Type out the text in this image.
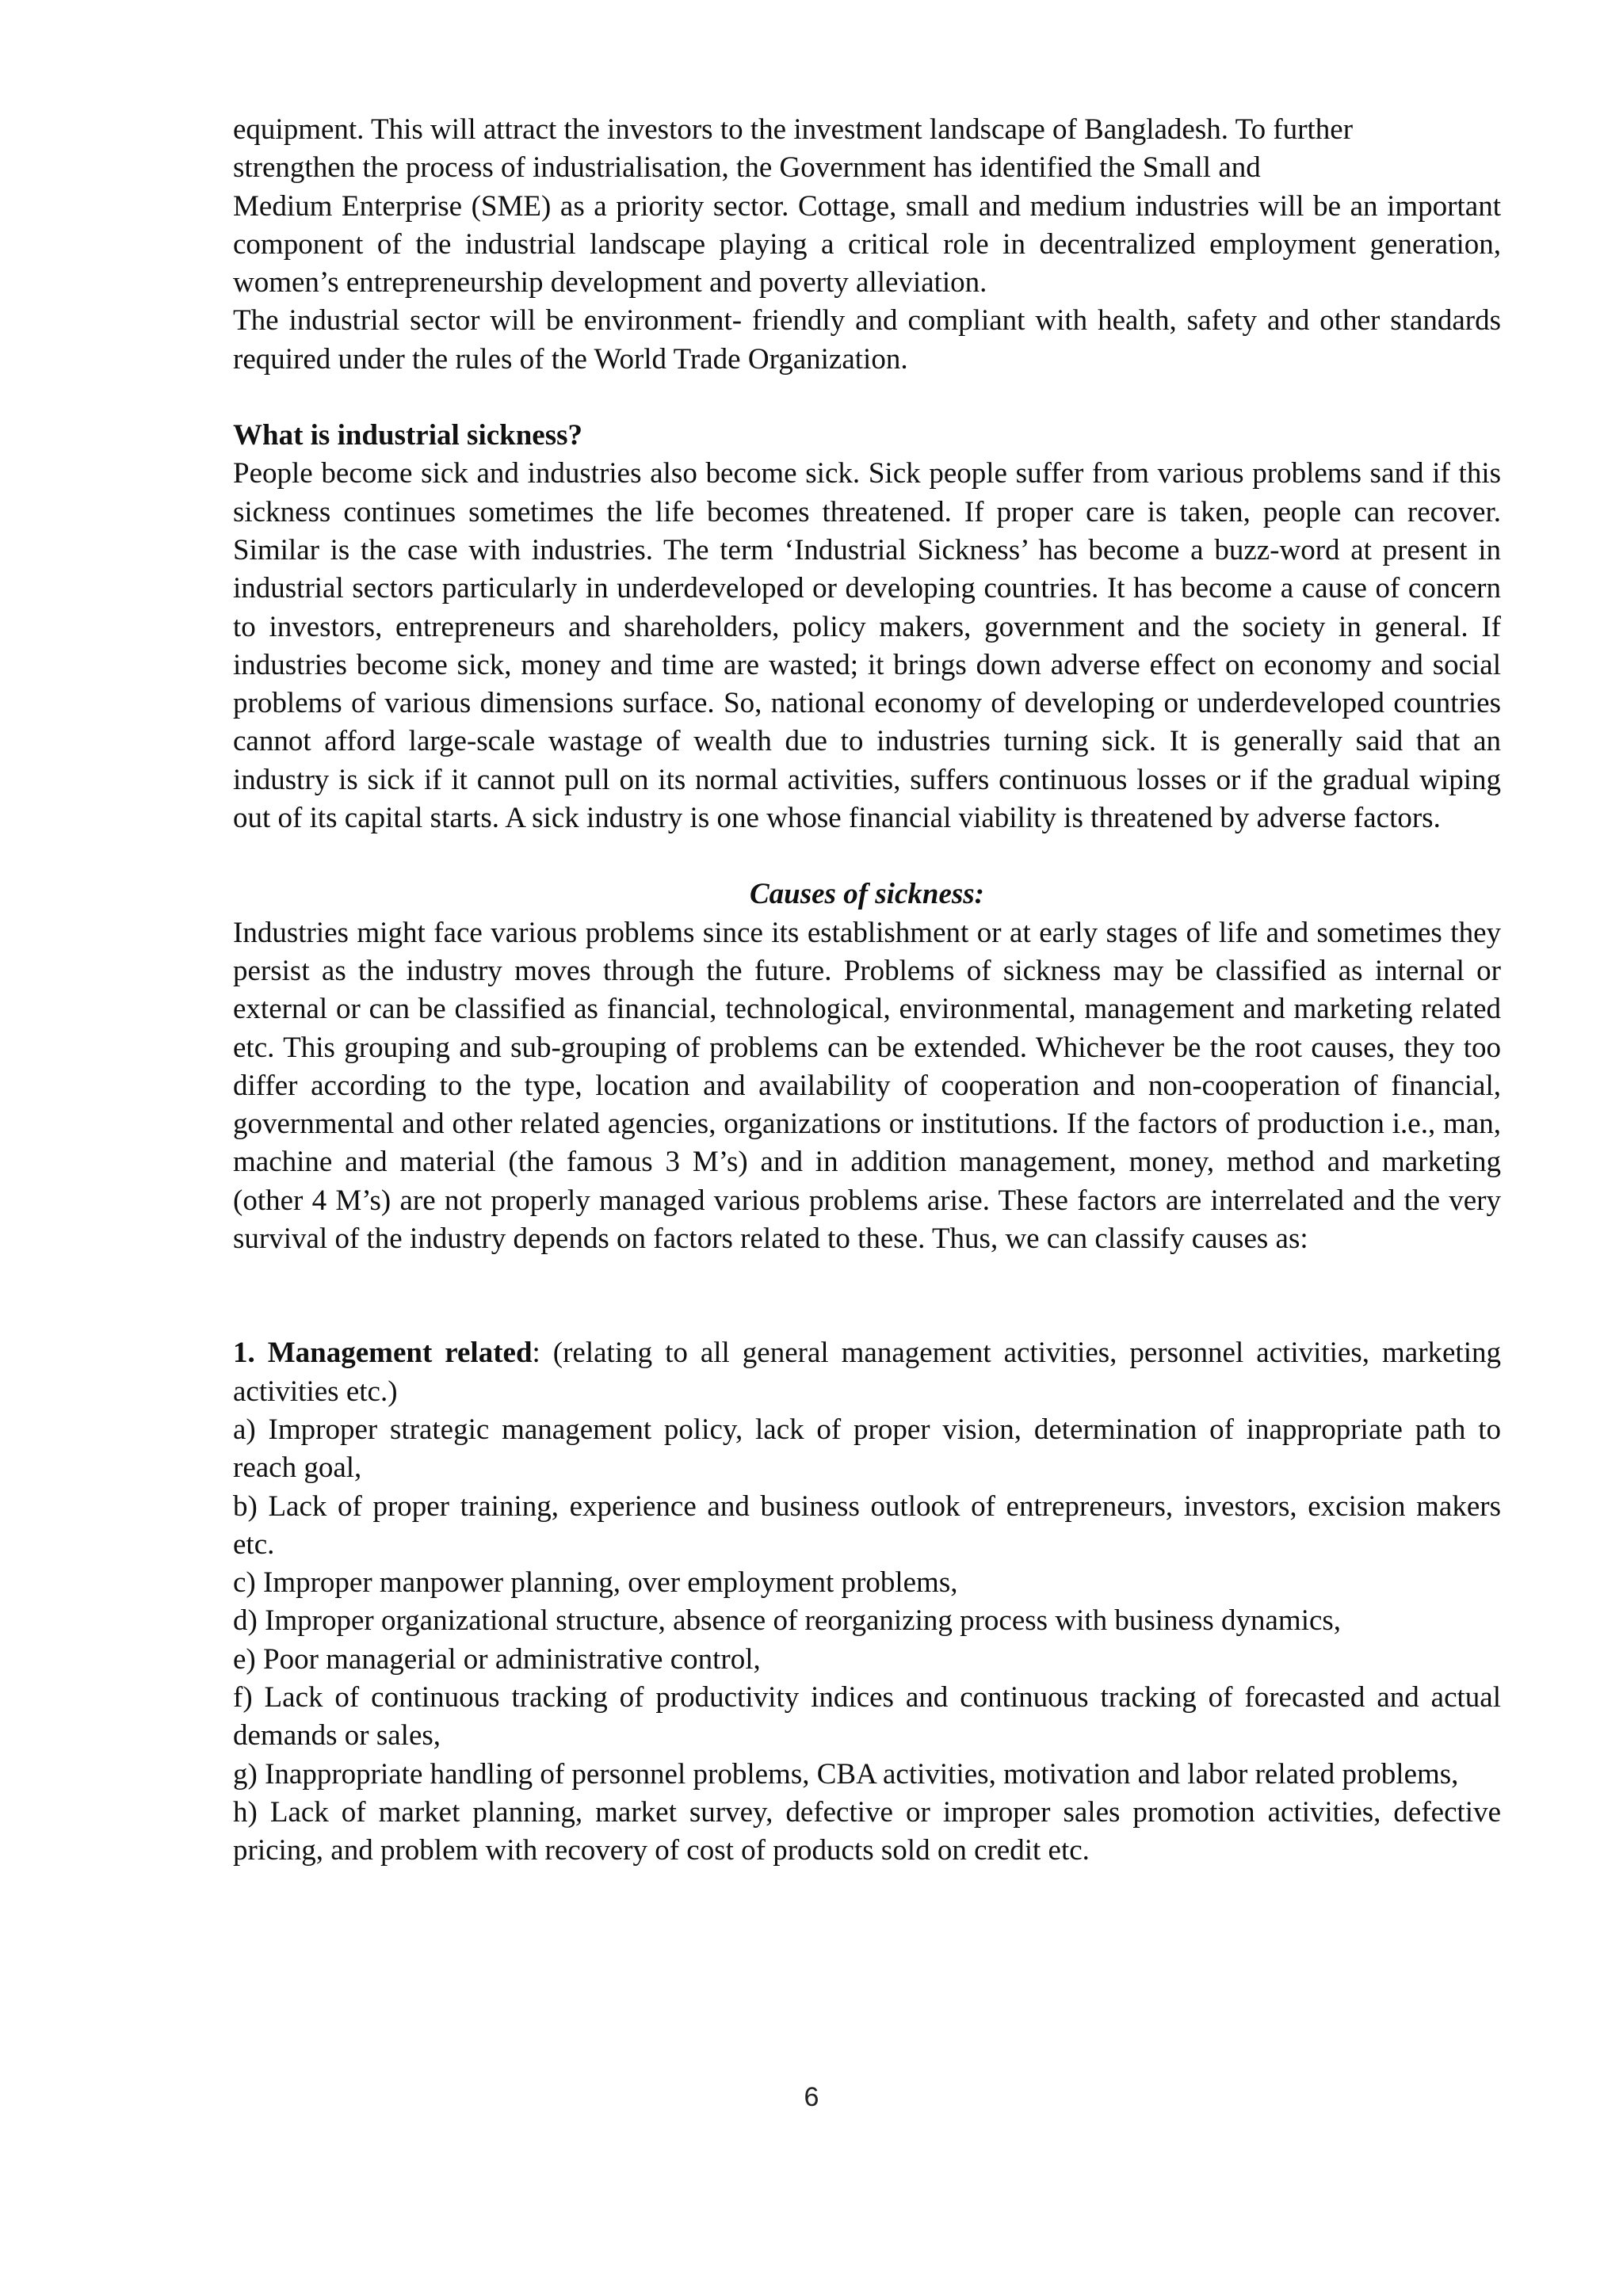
equipment. This will attract the investors to the investment landscape of Bangladesh. To further

strengthen the process of industrialisation, the Government has identified the Small and

Medium Enterprise (SME) as a priority sector. Cottage, small and medium industries will be an important component of the industrial landscape playing a critical role in decentralized employment generation, women’s entrepreneurship development and poverty alleviation.

The industrial sector will be environment- friendly and compliant with health, safety and other standards required under the rules of the World Trade Organization.

What is industrial sickness?

People become sick and industries also become sick. Sick people suffer from various problems sand if this sickness continues sometimes the life becomes threatened. If proper care is taken, people can recover. Similar is the case with industries. The term ‘Industrial Sickness’ has become a buzz-word at present in industrial sectors particularly in underdeveloped or developing countries. It has become a cause of concern to investors, entrepreneurs and shareholders, policy makers, government and the society in general. If industries become sick, money and time are wasted; it brings down adverse effect on economy and social problems of various dimensions surface. So, national economy of developing or underdeveloped countries cannot afford large-scale wastage of wealth due to industries turning sick. It is generally said that an industry is sick if it cannot pull on its normal activities, suffers continuous losses or if the gradual wiping out of its capital starts. A sick industry is one whose financial viability is threatened by adverse factors.

Causes of sickness:

Industries might face various problems since its establishment or at early stages of life and sometimes they persist as the industry moves through the future. Problems of sickness may be classified as internal or external or can be classified as financial, technological, environmental, management and marketing related etc. This grouping and sub-grouping of problems can be extended. Whichever be the root causes, they too differ according to the type, location and availability of cooperation and non-cooperation of financial, governmental and other related agencies, organizations or institutions. If the factors of production i.e., man, machine and material (the famous 3 M’s) and in addition management, money, method and marketing (other 4 M’s) are not properly managed various problems arise. These factors are interrelated and the very survival of the industry depends on factors related to these. Thus, we can classify causes as:

1. Management related: (relating to all general management activities, personnel activities, marketing activities etc.)

a) Improper strategic management policy, lack of proper vision, determination of inappropriate path to reach goal,

b) Lack of proper training, experience and business outlook of entrepreneurs, investors, excision makers etc.

c) Improper manpower planning, over employment problems,

d) Improper organizational structure, absence of reorganizing process with business dynamics,

e) Poor managerial or administrative control,

f) Lack of continuous tracking of productivity indices and continuous tracking of forecasted and actual demands or sales,

g) Inappropriate handling of personnel problems, CBA activities, motivation and labor related problems,

h) Lack of market planning, market survey, defective or improper sales promotion activities, defective pricing, and problem with recovery of cost of products sold on credit etc.

6
